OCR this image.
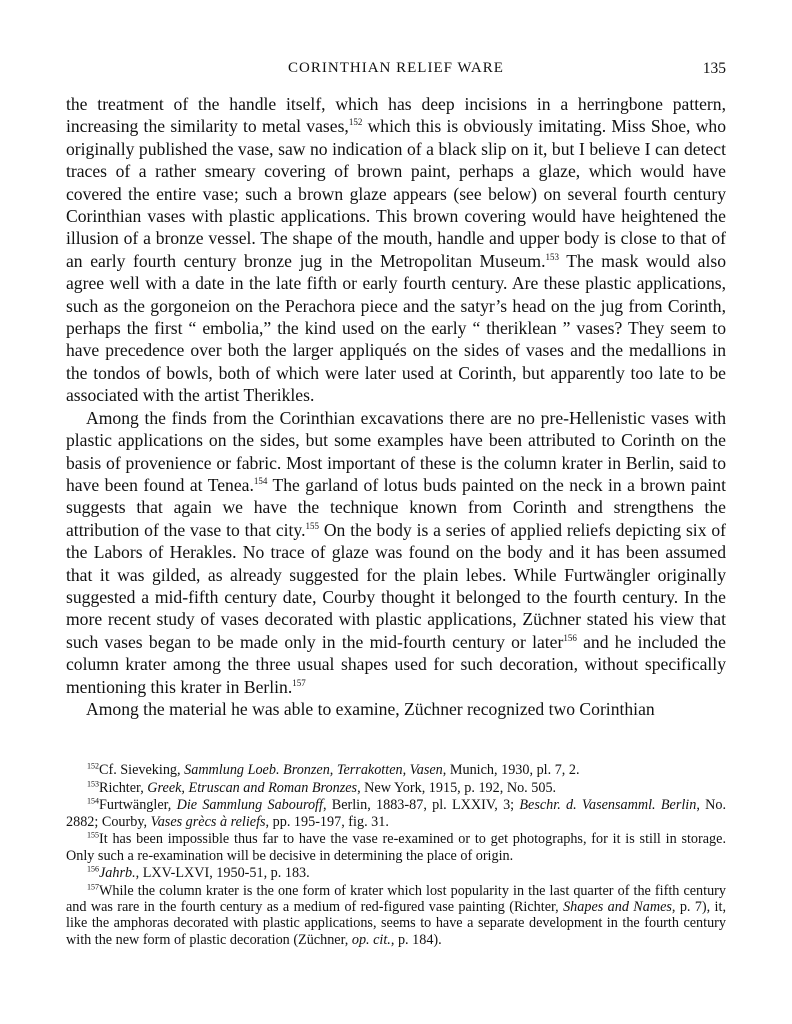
CORINTHIAN RELIEF WARE	135

the treatment of the handle itself, which has deep incisions in a herringbone pattern, increasing the similarity to metal vases,$^{152}$ which this is obviously imitating. Miss Shoe, who originally published the vase, saw no indication of a black slip on it, but I believe I can detect traces of a rather smeary covering of brown paint, perhaps a glaze, which would have covered the entire vase; such a brown glaze appears (see below) on several fourth century Corinthian vases with plastic applications. This brown covering would have heightened the illusion of a bronze vessel. The shape of the mouth, handle and upper body is close to that of an early fourth century bronze jug in the Metropolitan Museum.$^{153}$ The mask would also agree well with a date in the late fifth or early fourth century. Are these plastic applications, such as the gorgoneion on the Perachora piece and the satyr’s head on the jug from Corinth, perhaps the first “ embolia,” the kind used on the early “ theriklean ” vases? They seem to have precedence over both the larger appliqués on the sides of vases and the medallions in the tondos of bowls, both of which were later used at Corinth, but apparently too late to be associated with the artist Therikles.

Among the finds from the Corinthian excavations there are no pre-Hellenistic vases with plastic applications on the sides, but some examples have been attributed to Corinth on the basis of provenience or fabric. Most important of these is the column krater in Berlin, said to have been found at Tenea.$^{154}$ The garland of lotus buds painted on the neck in a brown paint suggests that again we have the technique known from Corinth and strengthens the attribution of the vase to that city.$^{155}$ On the body is a series of applied reliefs depicting six of the Labors of Herakles. No trace of glaze was found on the body and it has been assumed that it was gilded, as already suggested for the plain lebes. While Furtwängler originally suggested a mid-fifth century date, Courby thought it belonged to the fourth century. In the more recent study of vases decorated with plastic applications, Züchner stated his view that such vases began to be made only in the mid-fourth century or later$^{156}$ and he included the column krater among the three usual shapes used for such decoration, without specifically mentioning this krater in Berlin.$^{157}$

Among the material he was able to examine, Züchner recognized two Corinthian

$^{152}$Cf. Sieveking, Sammlung Loeb. Bronzen, Terrakotten, Vasen, Munich, 1930, pl. 7, 2.

$^{153}$Richter, Greek, Etruscan and Roman Bronzes, New York, 1915, p. 192, No. 505.

$^{154}$Furtwängler, Die Sammlung Sabouroff, Berlin, 1883-87, pl. LXXIV, 3; Beschr. d. Vasensamml. Berlin, No. 2882; Courby, Vases grècs à reliefs, pp. 195-197, fig. 31.

$^{155}$It has been impossible thus far to have the vase re-examined or to get photographs, for it is still in storage. Only such a re-examination will be decisive in determining the place of origin.

$^{156}$Jahrb., LXV-LXVI, 1950-51, p. 183.

$^{157}$While the column krater is the one form of krater which lost popularity in the last quarter of the fifth century and was rare in the fourth century as a medium of red-figured vase painting (Richter, Shapes and Names, p. 7), it, like the amphoras decorated with plastic applications, seems to have a separate development in the fourth century with the new form of plastic decoration (Züchner, op. cit., p. 184).
